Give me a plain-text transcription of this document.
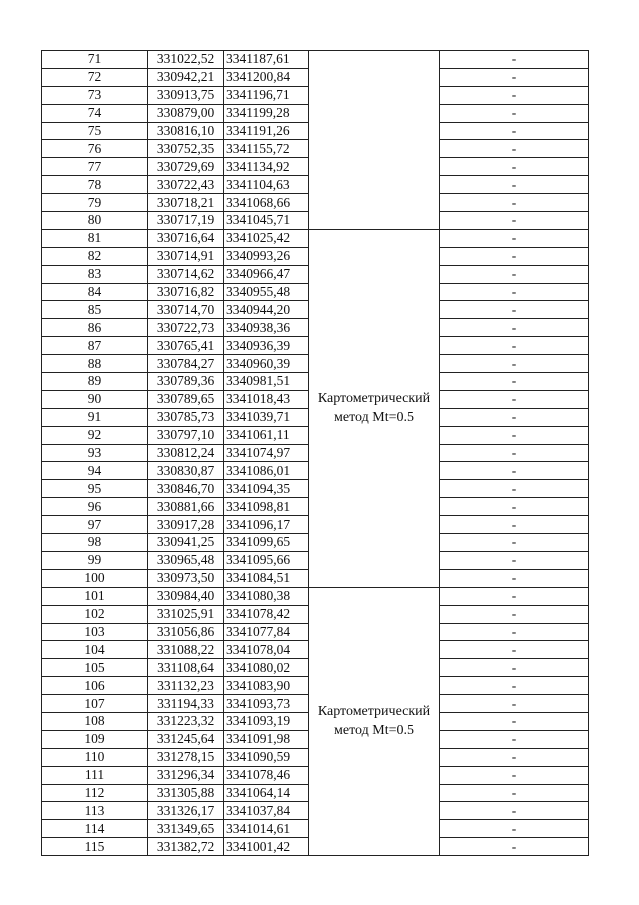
71	331022,52	3341187,61		-
72	330942,21	3341200,84		-
73	330913,75	3341196,71		-
74	330879,00	3341199,28		-
75	330816,10	3341191,26		-
76	330752,35	3341155,72		-
77	330729,69	3341134,92		-
78	330722,43	3341104,63		-
79	330718,21	3341068,66		-
80	330717,19	3341045,71		-
81	330716,64	3341025,42	Картометрический метод Mt=0.5	-
82	330714,91	3340993,26		-
83	330714,62	3340966,47		-
84	330716,82	3340955,48		-
85	330714,70	3340944,20		-
86	330722,73	3340938,36		-
87	330765,41	3340936,39		-
88	330784,27	3340960,39		-
89	330789,36	3340981,51		-
90	330789,65	3341018,43		-
91	330785,73	3341039,71		-
92	330797,10	3341061,11		-
93	330812,24	3341074,97		-
94	330830,87	3341086,01		-
95	330846,70	3341094,35		-
96	330881,66	3341098,81		-
97	330917,28	3341096,17		-
98	330941,25	3341099,65		-
99	330965,48	3341095,66		-
100	330973,50	3341084,51		-
101	330984,40	3341080,38	Картометрический метод Mt=0.5	-
102	331025,91	3341078,42		-
103	331056,86	3341077,84		-
104	331088,22	3341078,04		-
105	331108,64	3341080,02		-
106	331132,23	3341083,90		-
107	331194,33	3341093,73		-
108	331223,32	3341093,19		-
109	331245,64	3341091,98		-
110	331278,15	3341090,59		-
111	331296,34	3341078,46		-
112	331305,88	3341064,14		-
113	331326,17	3341037,84		-
114	331349,65	3341014,61		-
115	331382,72	3341001,42		-
